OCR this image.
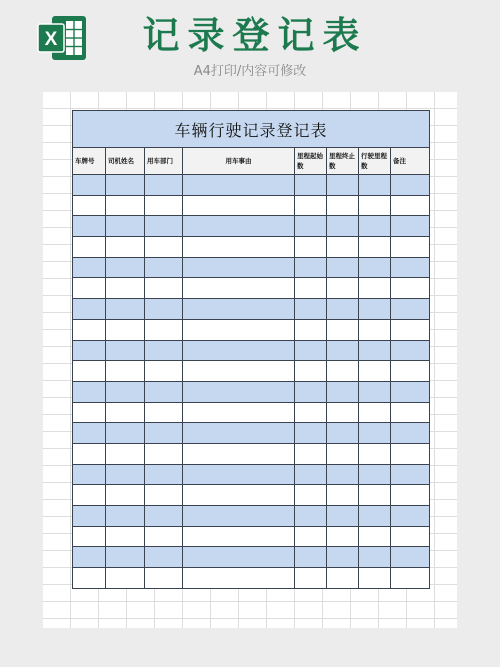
X	记录登记表
A4打印/内容可修改
车辆行驶记录登记表							
车牌号	司机姓名	用车部门	用车事由	里程起始数	里程终止数	行驶里程数	备注
